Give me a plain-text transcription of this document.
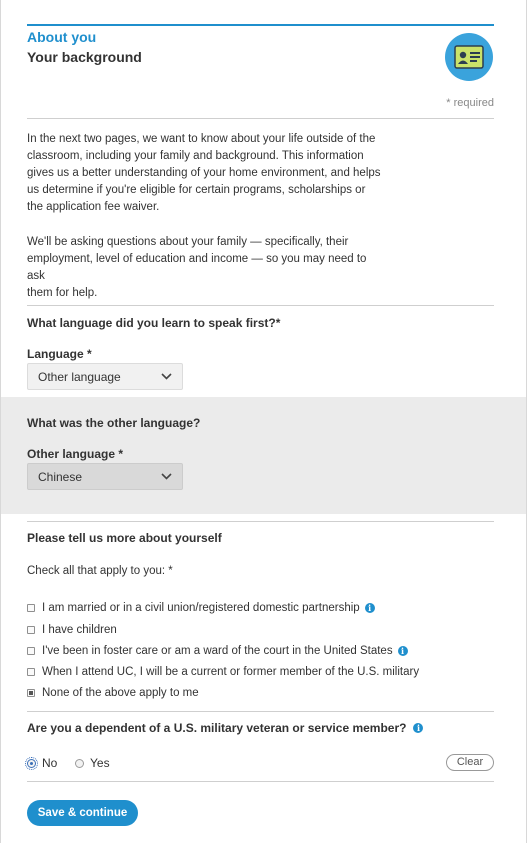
About you
Your background
* required
In the next two pages, we want to know about your life outside of the
classroom, including your family and background. This information
gives us a better understanding of your home environment, and helps
us determine if you're eligible for certain programs, scholarships or
the application fee waiver.
We'll be asking questions about your family — specifically, their
employment, level of education and income — so you may need to ask
them for help.
What language did you learn to speak first?*
Language *
Other language
What was the other language?
Other language *
Chinese
Please tell us more about yourself
Check all that apply to you: *
I am married or in a civil union/registered domestic partnership	i
I have children
I've been in foster care or am a ward of the court in the United States	i
When I attend UC, I will be a current or former member of the U.S. military
None of the above apply to me
Are you a dependent of a U.S. military veteran or service member?	i
No	Yes	Clear
Save & continue
